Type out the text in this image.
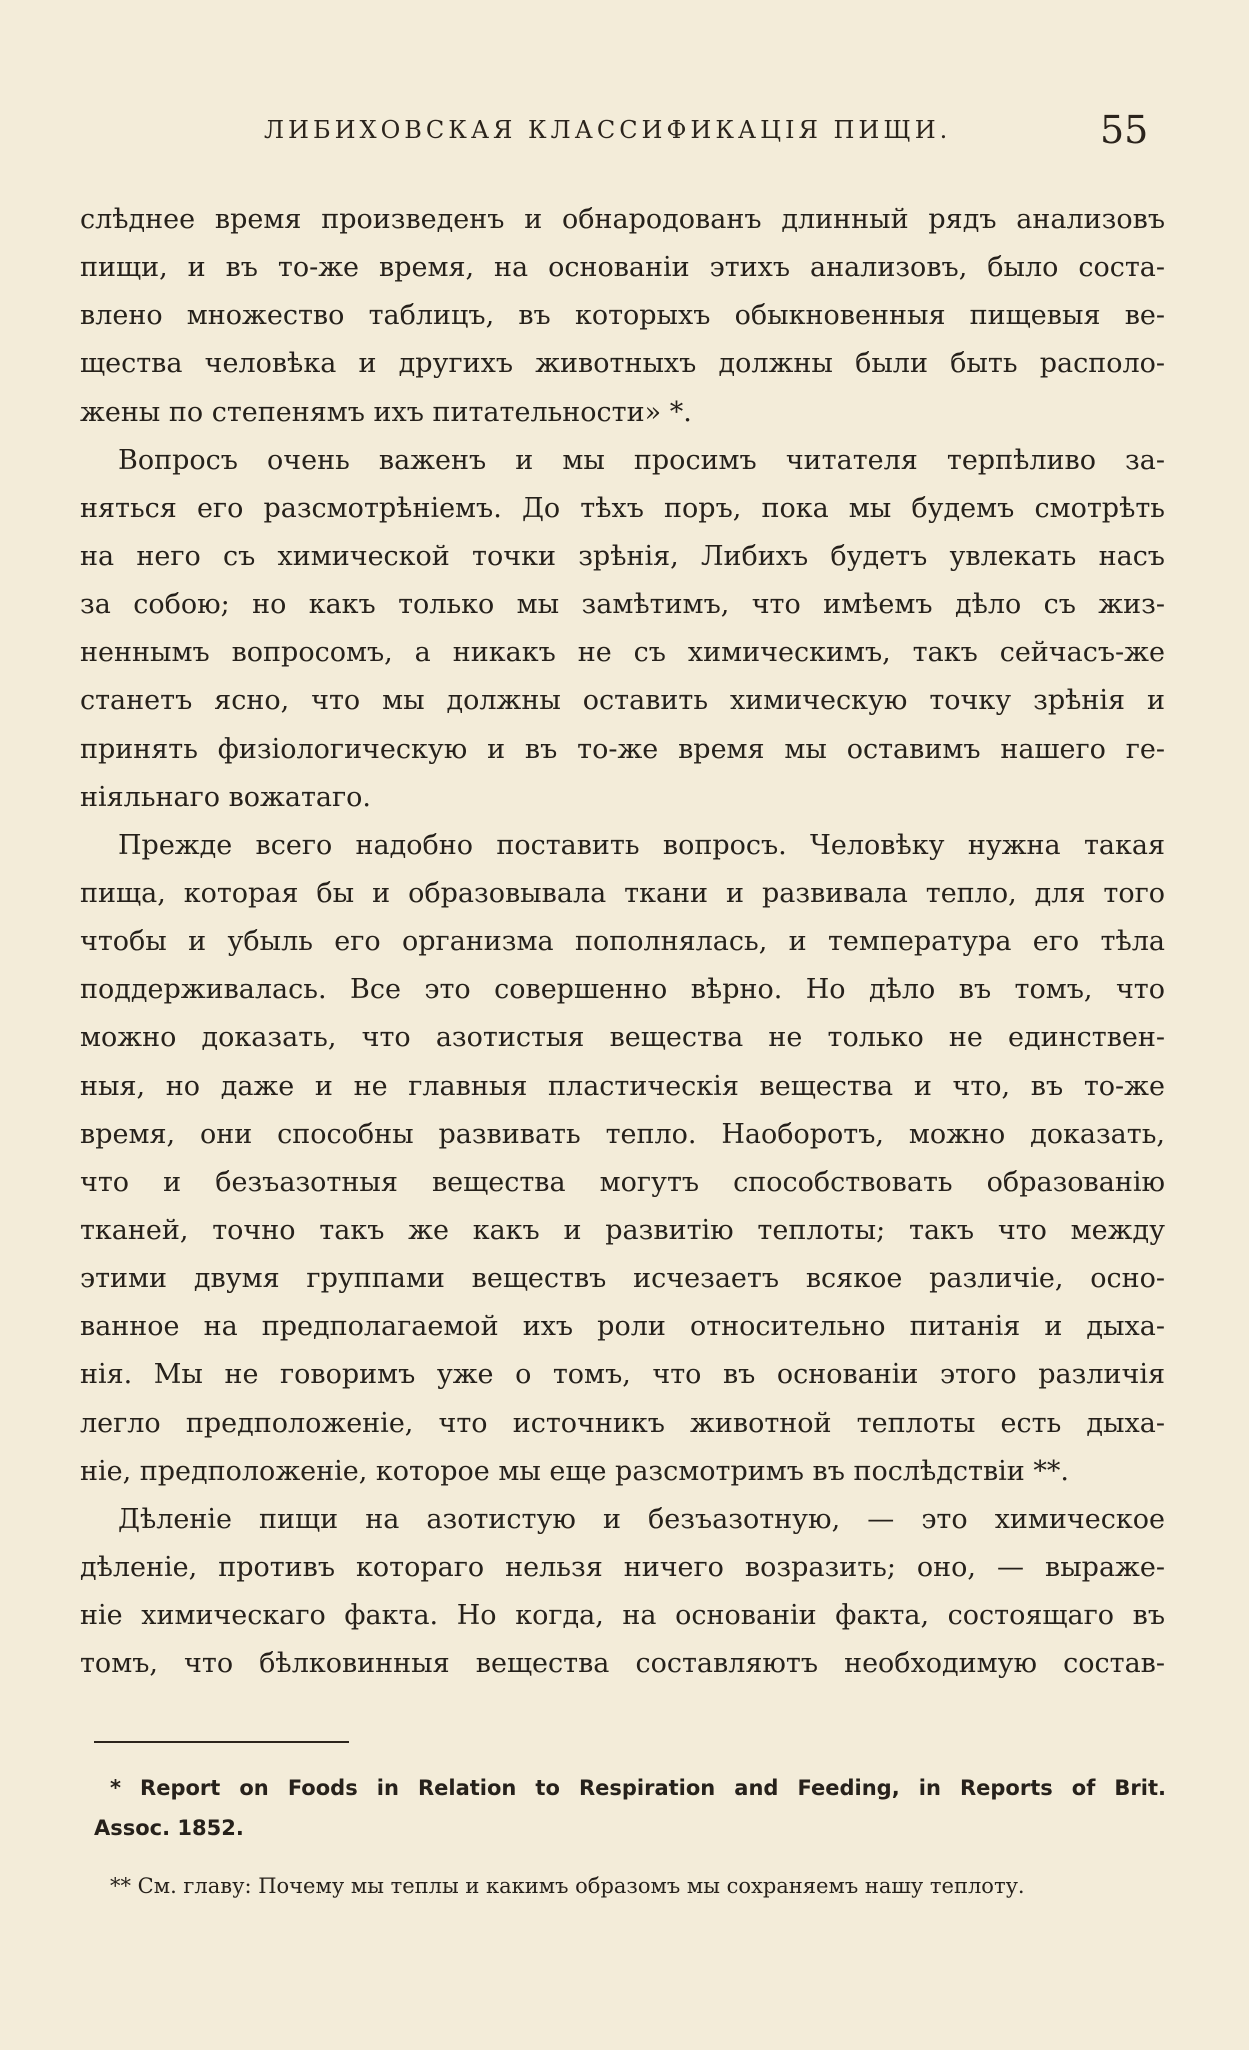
ЛИБИХОВСКАЯ КЛАССИФИКАЦІЯ ПИЩИ.	55
слѣднее время произведенъ и обнародованъ длинный рядъ анализовъ
пищи, и въ то-же время, на основаніи этихъ анализовъ, было соста-
влено множество таблицъ, въ которыхъ обыкновенныя пищевыя ве-
щества человѣка и другихъ животныхъ должны были быть располо-
жены по степенямъ ихъ питательности» *.
Вопросъ очень важенъ и мы просимъ читателя терпѣливо за-
няться его разсмотрѣніемъ. До тѣхъ поръ, пока мы будемъ смотрѣть
на него съ химической точки зрѣнія, Либихъ будетъ увлекать насъ
за собою; но какъ только мы замѣтимъ, что имѣемъ дѣло съ жиз-
неннымъ вопросомъ, а никакъ не съ химическимъ, такъ сейчасъ-же
станетъ ясно, что мы должны оставить химическую точку зрѣнія и
принять физіологическую и въ то-же время мы оставимъ нашего ге-
ніяльнаго вожатаго.
Прежде всего надобно поставить вопросъ. Человѣку нужна такая
пища, которая бы и образовывала ткани и развивала тепло, для того
чтобы и убыль его организма пополнялась, и температура его тѣла
поддерживалась. Все это совершенно вѣрно. Но дѣло въ томъ, что
можно доказать, что азотистыя вещества не только не единствен-
ныя, но даже и не главныя пластическія вещества и что, въ то-же
время, они способны развивать тепло. Наоборотъ, можно доказать,
что и безъазотныя вещества могутъ способствовать образованію
тканей, точно такъ же какъ и развитію теплоты; такъ что между
этими двумя группами веществъ исчезаетъ всякое различіе, осно-
ванное на предполагаемой ихъ роли относительно питанія и дыха-
нія. Мы не говоримъ уже о томъ, что въ основаніи этого различія
легло предположеніе, что источникъ животной теплоты есть дыха-
ніе, предположеніе, которое мы еще разсмотримъ въ послѣдствіи **.
Дѣленіе пищи на азотистую и безъазотную, — это химическое
дѣленіе, противъ котораго нельзя ничего возразить; оно, — выраже-
ніе химическаго факта. Но когда, на основаніи факта, состоящаго въ
томъ, что бѣлковинныя вещества составляютъ необходимую состав-
* Report on Foods in Relation to Respiration and Feeding, in Reports of Brit.
Assoc. 1852.
** См. главу: Почему мы теплы и какимъ образомъ мы сохраняемъ нашу теплоту.
